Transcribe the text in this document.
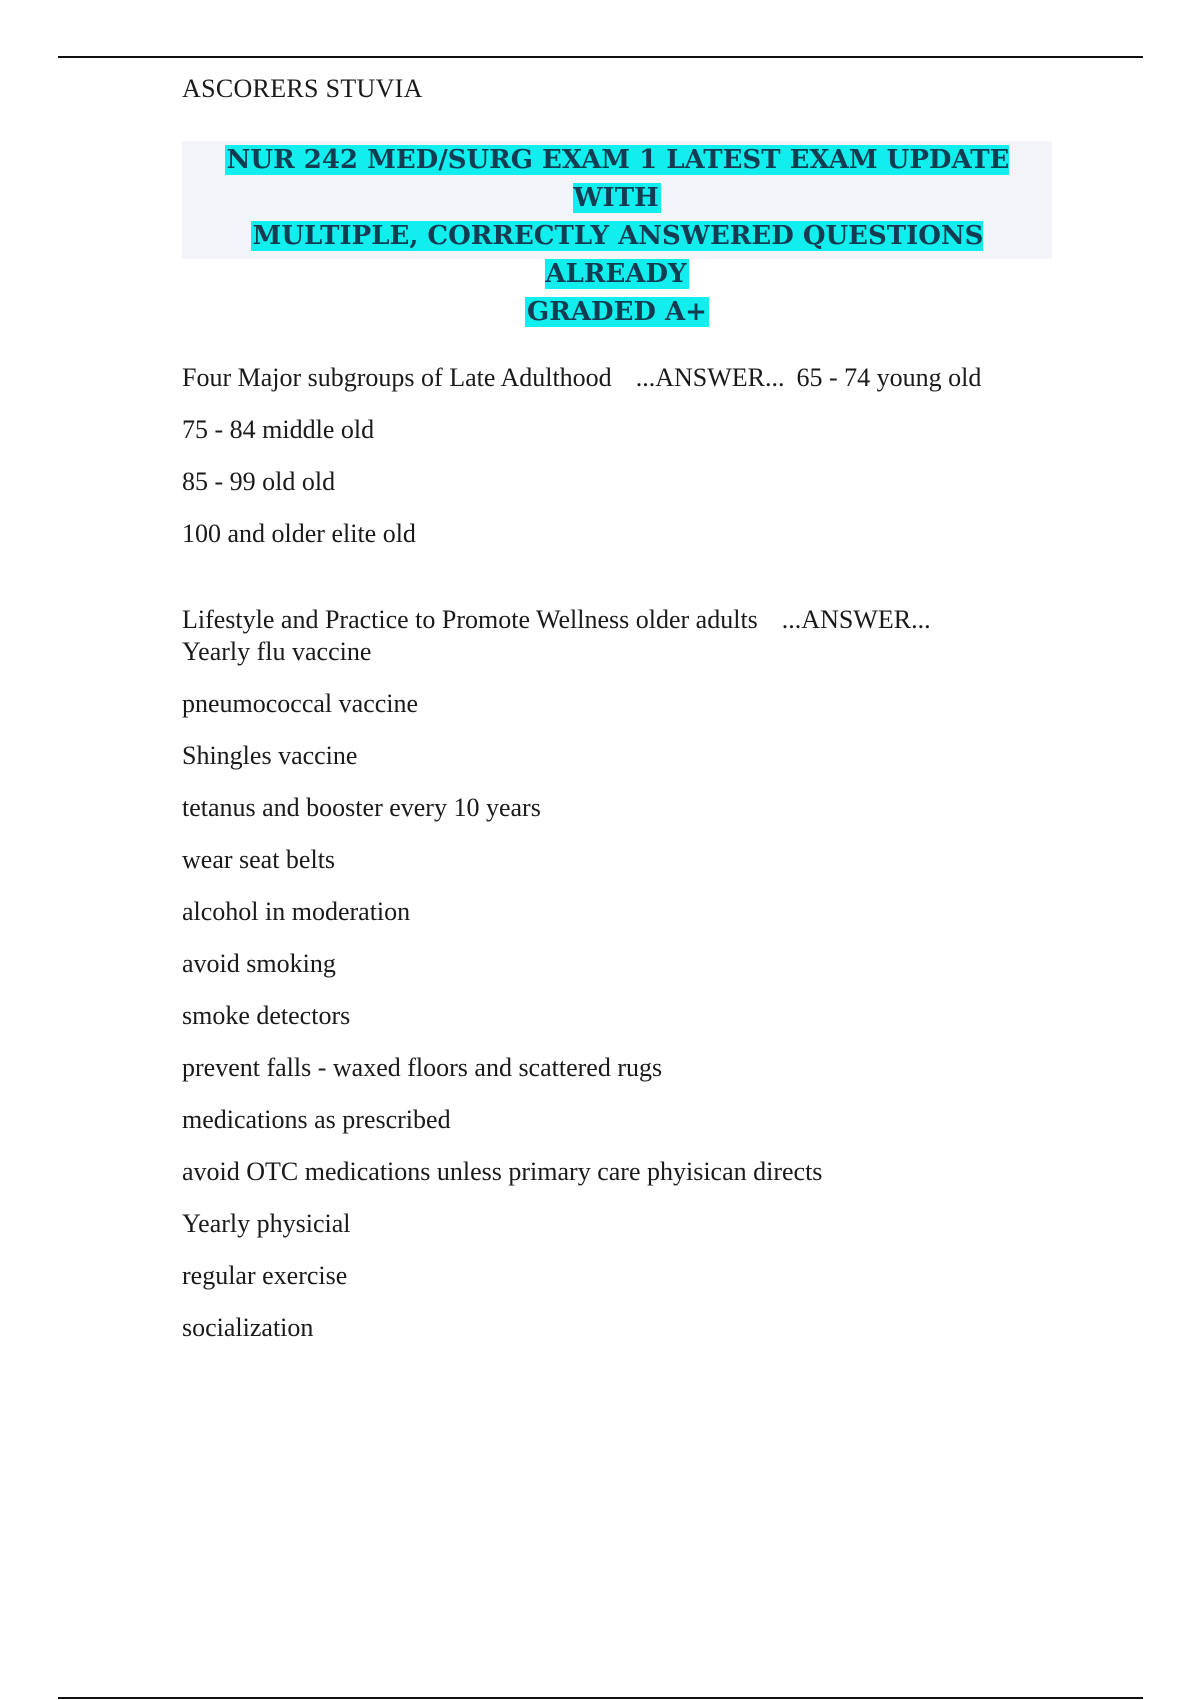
ASCORERS STUVIA
NUR 242 MED/SURG EXAM 1 LATEST EXAM UPDATE WITH
MULTIPLE, CORRECTLY ANSWERED QUESTIONS ALREADY
GRADED A+

Four Major subgroups of Late Adulthood ...ANSWER... 65 - 74 young old

75 - 84 middle old

85 - 99 old old

100 and older elite old

Lifestyle and Practice to Promote Wellness older adults ...ANSWER...
Yearly flu vaccine

pneumococcal vaccine

Shingles vaccine

tetanus and booster every 10 years

wear seat belts

alcohol in moderation

avoid smoking

smoke detectors

prevent falls - waxed floors and scattered rugs

medications as prescribed

avoid OTC medications unless primary care phyisican directs

Yearly physicial

regular exercise

socialization
